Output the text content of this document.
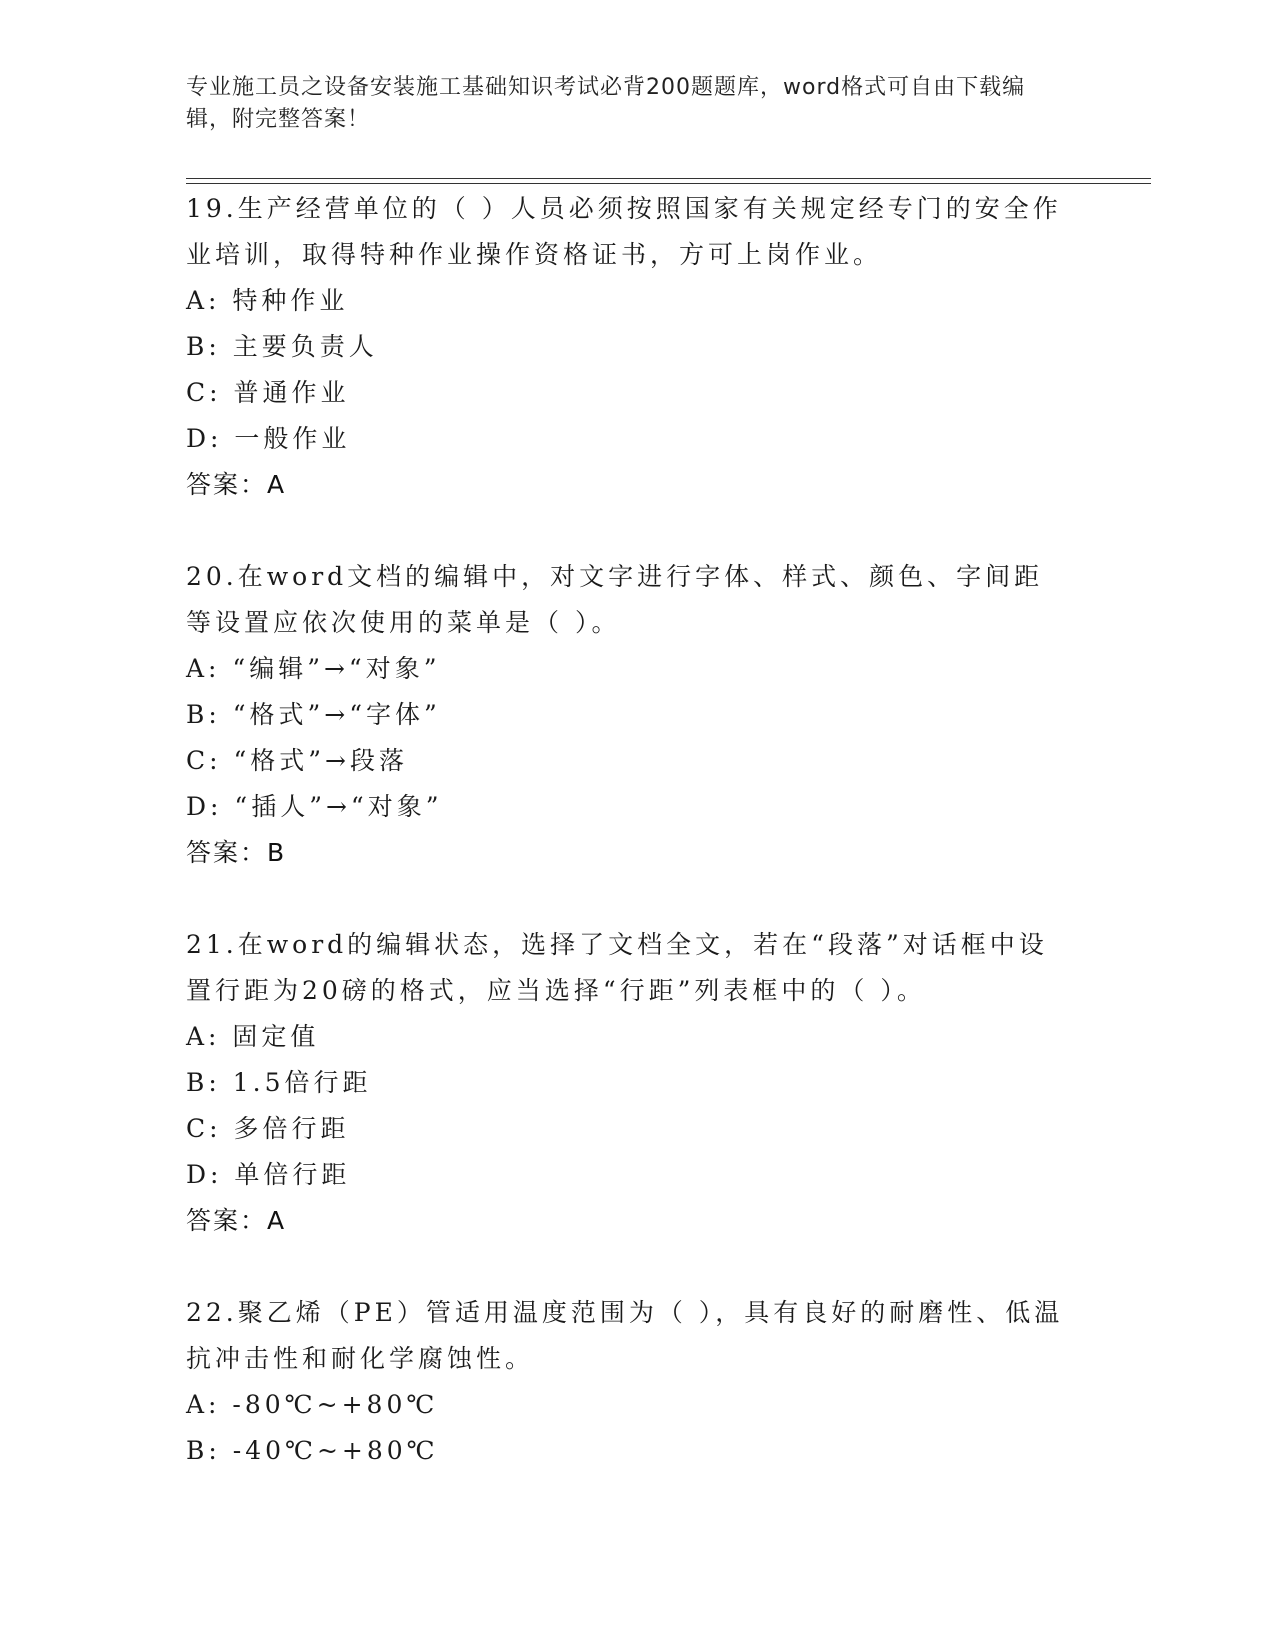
专业施工员之设备安装施工基础知识考试必背200题题库，word格式可自由下载编辑，附完整答案！
19.生产经营单位的（ ）人员必须按照国家有关规定经专门的安全作业培训，取得特种作业操作资格证书，方可上岗作业。
A: 特种作业
B: 主要负责人
C: 普通作业
D: 一般作业
答案：A
20.在word文档的编辑中，对文字进行字体、样式、颜色、字间距等设置应依次使用的菜单是（ ）。
A: “编辑”→“对象”
B: “格式”→“字体”
C: “格式”→段落
D: “插人”→“对象”
答案：B
21.在word的编辑状态，选择了文档全文，若在“段落”对话框中设置行距为20磅的格式，应当选择“行距”列表框中的（ ）。
A: 固定值
B: 1.5倍行距
C: 多倍行距
D: 单倍行距
答案：A
22.聚乙烯（PE）管适用温度范围为（ ），具有良好的耐磨性、低温抗冲击性和耐化学腐蚀性。
A: -80℃~+80℃
B: -40℃~+80℃
